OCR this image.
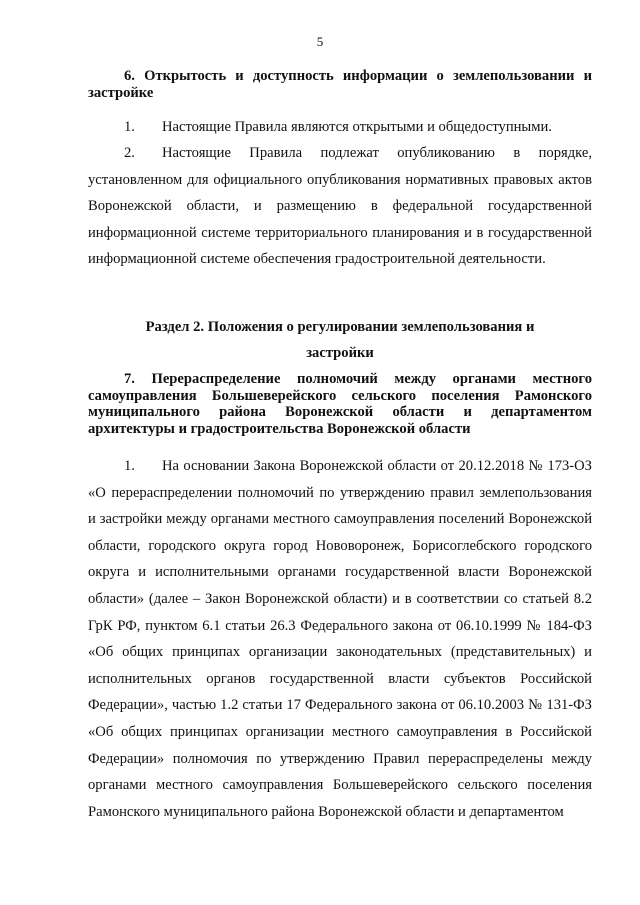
5
6. Открытость и доступность информации о землепользовании и застройке
1. Настоящие Правила являются открытыми и общедоступными.
2. Настоящие Правила подлежат опубликованию в порядке, установленном для официального опубликования нормативных правовых актов Воронежской области, и размещению в федеральной государственной информационной системе территориального планирования и в государственной информационной системе обеспечения градостроительной деятельности.
Раздел 2. Положения о регулировании землепользования и
застройки
7. Перераспределение полномочий между органами местного самоуправления Большеверейского сельского поселения Рамонского муниципального района Воронежской области и департаментом архитектуры и градостроительства Воронежской области
1. На основании Закона Воронежской области от 20.12.2018 № 173-ОЗ «О перераспределении полномочий по утверждению правил землепользования и застройки между органами местного самоуправления поселений Воронежской области, городского округа город Нововоронеж, Борисоглебского городского округа и исполнительными органами государственной власти Воронежской области» (далее – Закон Воронежской области) и в соответствии со статьей 8.2 ГрК РФ, пунктом 6.1 статьи 26.3 Федерального закона от 06.10.1999 № 184-ФЗ «Об общих принципах организации законодательных (представительных) и исполнительных органов государственной власти субъектов Российской Федерации», частью 1.2 статьи 17 Федерального закона от 06.10.2003 № 131-ФЗ «Об общих принципах организации местного самоуправления в Российской Федерации» полномочия по утверждению Правил перераспределены между органами местного самоуправления Большеверейского сельского поселения Рамонского муниципального района Воронежской области и департаментом
